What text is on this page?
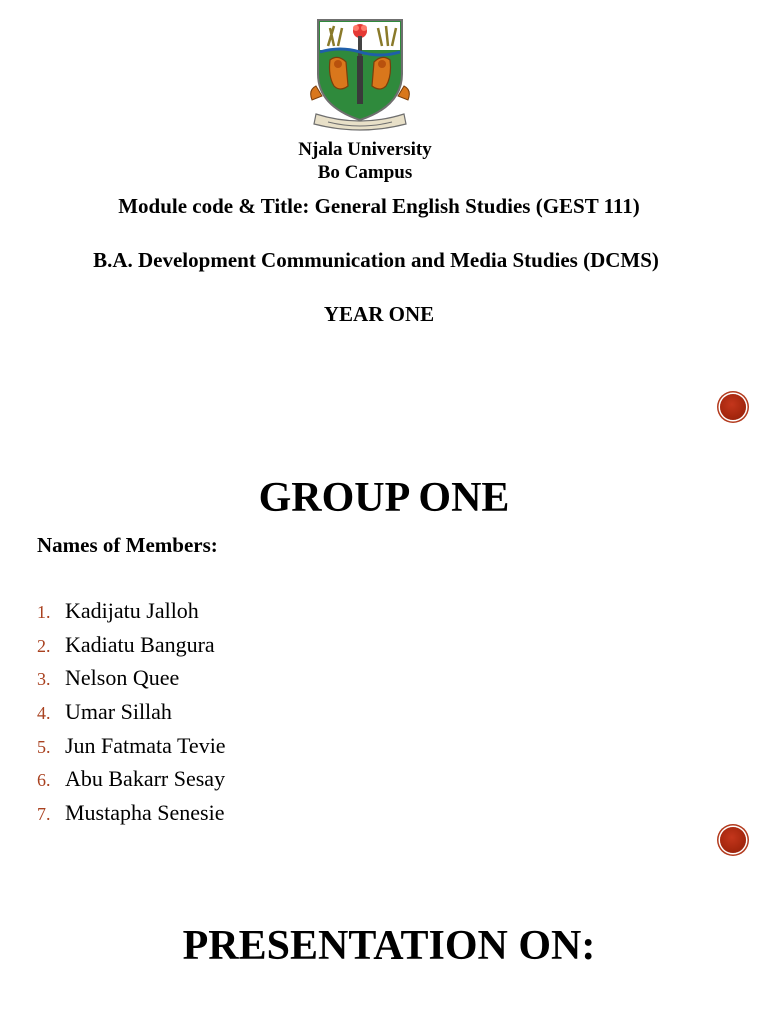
Njala University
Bo Campus
Module code & Title: General English Studies (GEST 111)
B.A. Development Communication and Media Studies (DCMS)
YEAR ONE
GROUP ONE
Names of Members:
1. Kadijatu Jalloh
2. Kadiatu Bangura
3. Nelson Quee
4. Umar Sillah
5. Jun Fatmata Tevie
6. Abu Bakarr Sesay
7. Mustapha Senesie
PRESENTATION ON:
